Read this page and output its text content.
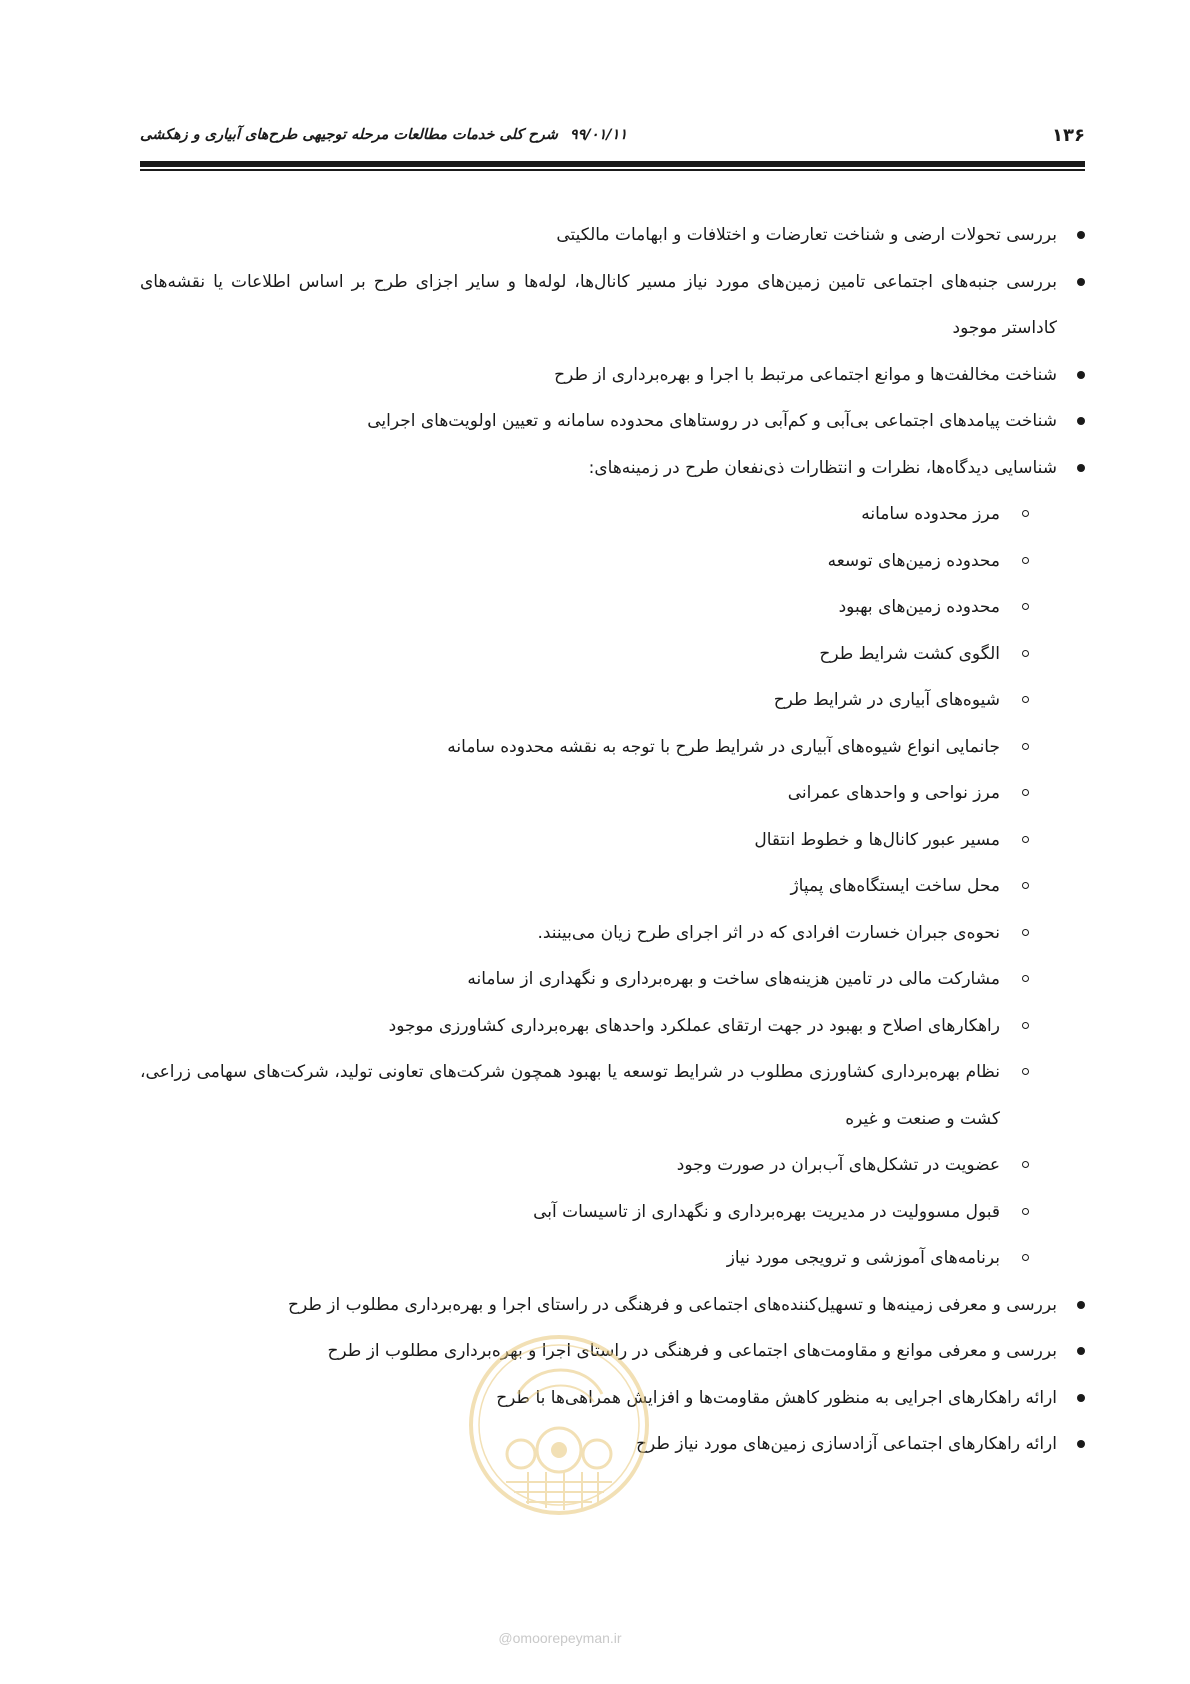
۱۳۶
۹۹/۰۱/۱۱شرح کلی خدمات مطالعات مرحله توجیهی طرح‌های آبیاری و زهکشی
بررسی تحولات ارضی و شناخت تعارضات و اختلافات و ابهامات مالکیتی
بررسی جنبه‌های اجتماعی تامین زمین‌های مورد نیاز مسیر کانال‌ها، لوله‌ها و سایر اجزای طرح بر اساس اطلاعات یا نقشه‌های کاداستر موجود
شناخت مخالفت‌ها و موانع اجتماعی مرتبط با اجرا و بهره‌برداری از طرح
شناخت پیامدهای اجتماعی بی‌آبی و کم‌آبی در روستاهای محدوده سامانه و تعیین اولویت‌های اجرایی
شناسایی دیدگاه‌ها، نظرات و انتظارات ذی‌نفعان طرح در زمینه‌های:
مرز محدوده سامانه
محدوده زمین‌های توسعه
محدوده زمین‌های بهبود
الگوی کشت شرایط طرح
شیوه‌های آبیاری در شرایط طرح
جانمایی انواع شیوه‌های آبیاری در شرایط طرح با توجه به نقشه محدوده سامانه
مرز نواحی و واحدهای عمرانی
مسیر عبور کانال‌ها و خطوط انتقال
محل ساخت ایستگاه‌های پمپاژ
نحوه‌ی جبران خسارت افرادی که در اثر اجرای طرح زیان می‌بینند.
مشارکت مالی در تامین هزینه‌های ساخت و بهره‌برداری و نگهداری از سامانه
راهکارهای اصلاح و بهبود در جهت ارتقای عملکرد واحدهای بهره‌برداری کشاورزی موجود
نظام بهره‌برداری کشاورزی مطلوب در شرایط توسعه یا بهبود همچون شرکت‌های تعاونی تولید، شرکت‌های سهامی زراعی، کشت و صنعت و غیره
عضویت در تشکل‌های آب‌بران در صورت وجود
قبول مسوولیت در مدیریت بهره‌برداری و نگهداری از تاسیسات آبی
برنامه‌های آموزشی و ترویجی مورد نیاز
بررسی و معرفی زمینه‌ها و تسهیل‌کننده‌های اجتماعی و فرهنگی در راستای اجرا و بهره‌برداری مطلوب از طرح
بررسی و معرفی موانع و مقاومت‌های اجتماعی و فرهنگی در راستای اجرا و بهره‌برداری مطلوب از طرح
ارائه راهکارهای اجرایی به منظور کاهش مقاومت‌ها و افزایش همراهی‌ها با طرح
ارائه راهکارهای اجتماعی آزادسازی زمین‌های مورد نیاز طرح
@omoorepeyman.ir
